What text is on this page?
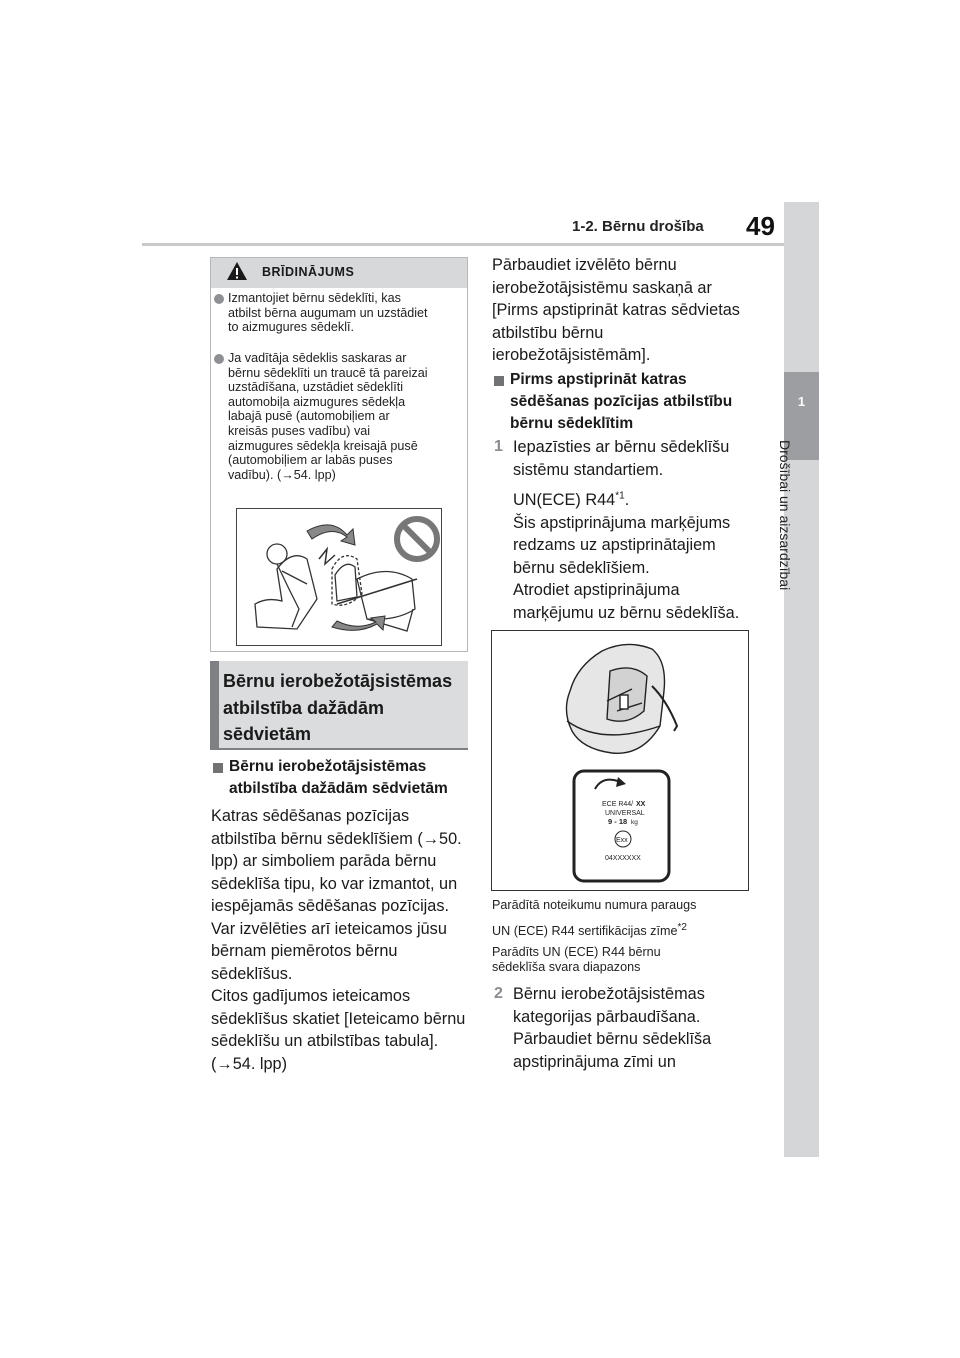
1-2. Bērnu drošība 49
1
Drošībai un aizsardzībai
BRĪDINĀJUMS
Izmantojiet bērnu sēdeklīti, kas
atbilst bērna augumam un uzstādiet
to aizmugures sēdeklī.
Ja vadītāja sēdeklis saskaras ar
bērnu sēdeklīti un traucē tā pareizai
uzstādīšana, uzstādiet sēdeklīti
automobiļa aizmugures sēdekļa
labajā pusē (automobiļiem ar
kreisās puses vadību) vai
aizmugures sēdekļa kreisajā pusē
(automobiļiem ar labās puses
vadību). (→54. lpp)
Bērnu ierobežotājsistēmas
atbilstība dažādām
sēdvietām
Bērnu ierobežotājsistēmas
atbilstība dažādām sēdvietām
Katras sēdēšanas pozīcijas
atbilstība bērnu sēdeklīšiem (→50.
lpp) ar simboliem parāda bērnu
sēdeklīša tipu, ko var izmantot, un
iespējamās sēdēšanas pozīcijas.
Var izvēlēties arī ieteicamos jūsu
bērnam piemērotos bērnu
sēdeklīšus.
Citos gadījumos ieteicamos
sēdeklīšus skatiet [Ieteicamo bērnu
sēdeklīšu un atbilstības tabula].
(→54. lpp)
Pārbaudiet izvēlēto bērnu
ierobežotājsistēmu saskaņā ar
[Pirms apstiprināt katras sēdvietas
atbilstību bērnu
ierobežotājsistēmām].
Pirms apstiprināt katras
sēdēšanas pozīcijas atbilstību
bērnu sēdeklītim
1 Iepazīsties ar bērnu sēdeklīšu
sistēmu standartiem.
UN(ECE) R44$^{*1}$.
Šis apstiprinājuma marķējums
redzams uz apstiprinātajiem
bērnu sēdeklīšiem.
Atrodiet apstiprinājuma
marķējumu uz bērnu sēdeklīša.
ECE R44/ XX
UNIVERSAL
9 - 18 kg
Exx
04XXXXXX
Parādītā noteikumu numura paraugs
UN (ECE) R44 sertifikācijas zīme$^{*2}$
Parādīts UN (ECE) R44 bērnu
sēdeklīša svara diapazons
2 Bērnu ierobežotājsistēmas
kategorijas pārbaudīšana.
Pārbaudiet bērnu sēdeklīša
apstiprinājuma zīmi un
